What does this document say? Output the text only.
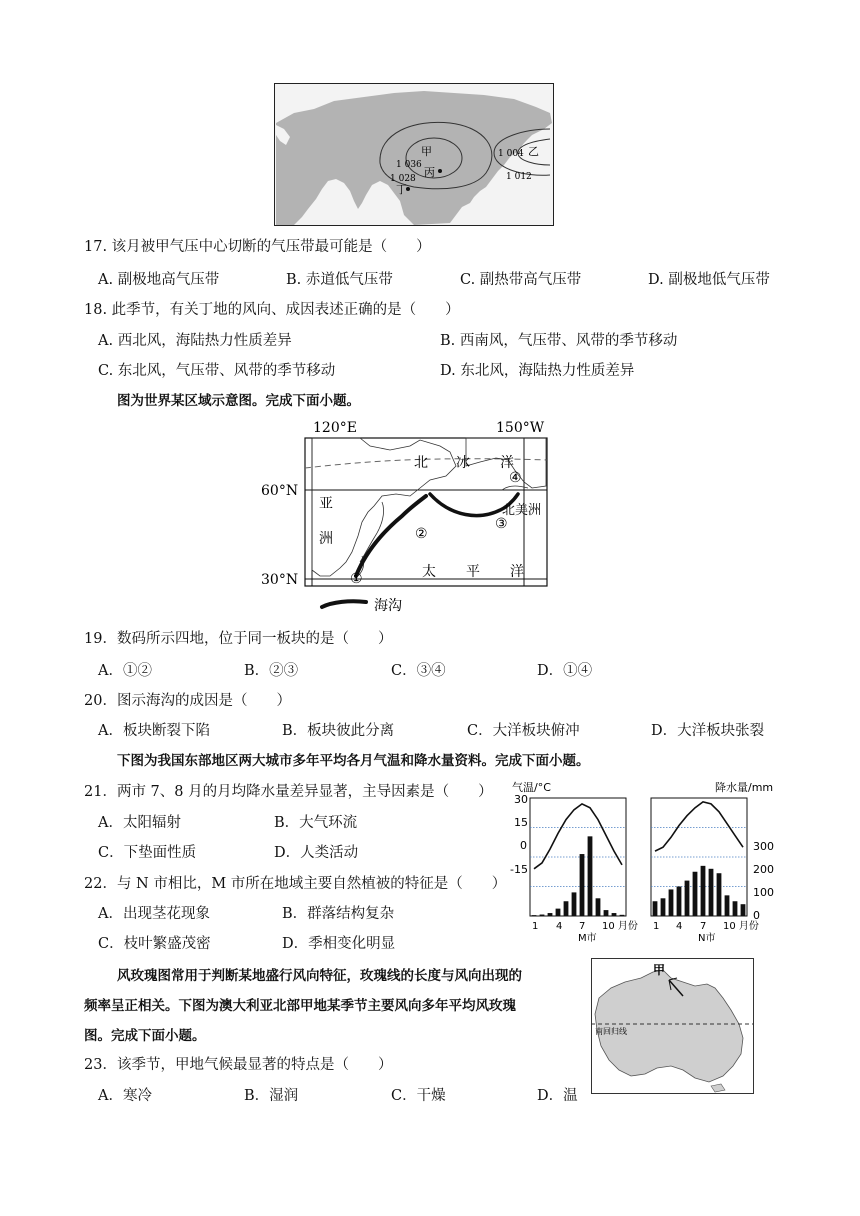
甲
1 036
1 028 丙
丁
1 004 乙
1 012
17. 该月被甲气压中心切断的气压带最可能是（　　）
A. 副极地高气压带	B. 赤道低气压带	C. 副热带高气压带	D. 副极地低气压带
18. 此季节，有关丁地的风向、成因表述正确的是（　　）
A. 西北风，海陆热力性质差异	B. 西南风，气压带、风带的季节移动
C. 东北风，气压带、风带的季节移动	D. 东北风，海陆热力性质差异
图为世界某区域示意图。完成下面小题。
120°E	150°W
北 冰 洋
60°N
30°N
亚
洲
北美洲
①
②
③
④
太 平 洋
海沟
19．数码所示四地，位于同一板块的是（　　）
A．①②	B．②③	C．③④	D．①④
20．图示海沟的成因是（　　）
A．板块断裂下陷	B．板块彼此分离	C．大洋板块俯冲	D．大洋板块张裂
下图为我国东部地区两大城市多年平均各月气温和降水量资料。完成下面小题。
21．两市 7、8 月的月均降水量差异显著，主导因素是（　　）
A．太阳辐射	B．大气环流
C．下垫面性质	D．人类活动
22．与 N 市相比，M 市所在地域主要自然植被的特征是（　　）
A．出现茎花现象	B．群落结构复杂
C．枝叶繁盛茂密	D．季相变化明显
气温/°C	降水量/mm
30
15
0
-15
300
200
100
0
1 4 7 10 月份 1 4 7 10 月份
M市	N市
风玫瑰图常用于判断某地盛行风向特征，玫瑰线的长度与风向出现的
频率呈正相关。下图为澳大利亚北部甲地某季节主要风向多年平均风玫瑰
图。完成下面小题。
甲
南回归线
23．该季节，甲地气候最显著的特点是（　　）
A．寒冷	B．湿润	C．干燥	D．温
